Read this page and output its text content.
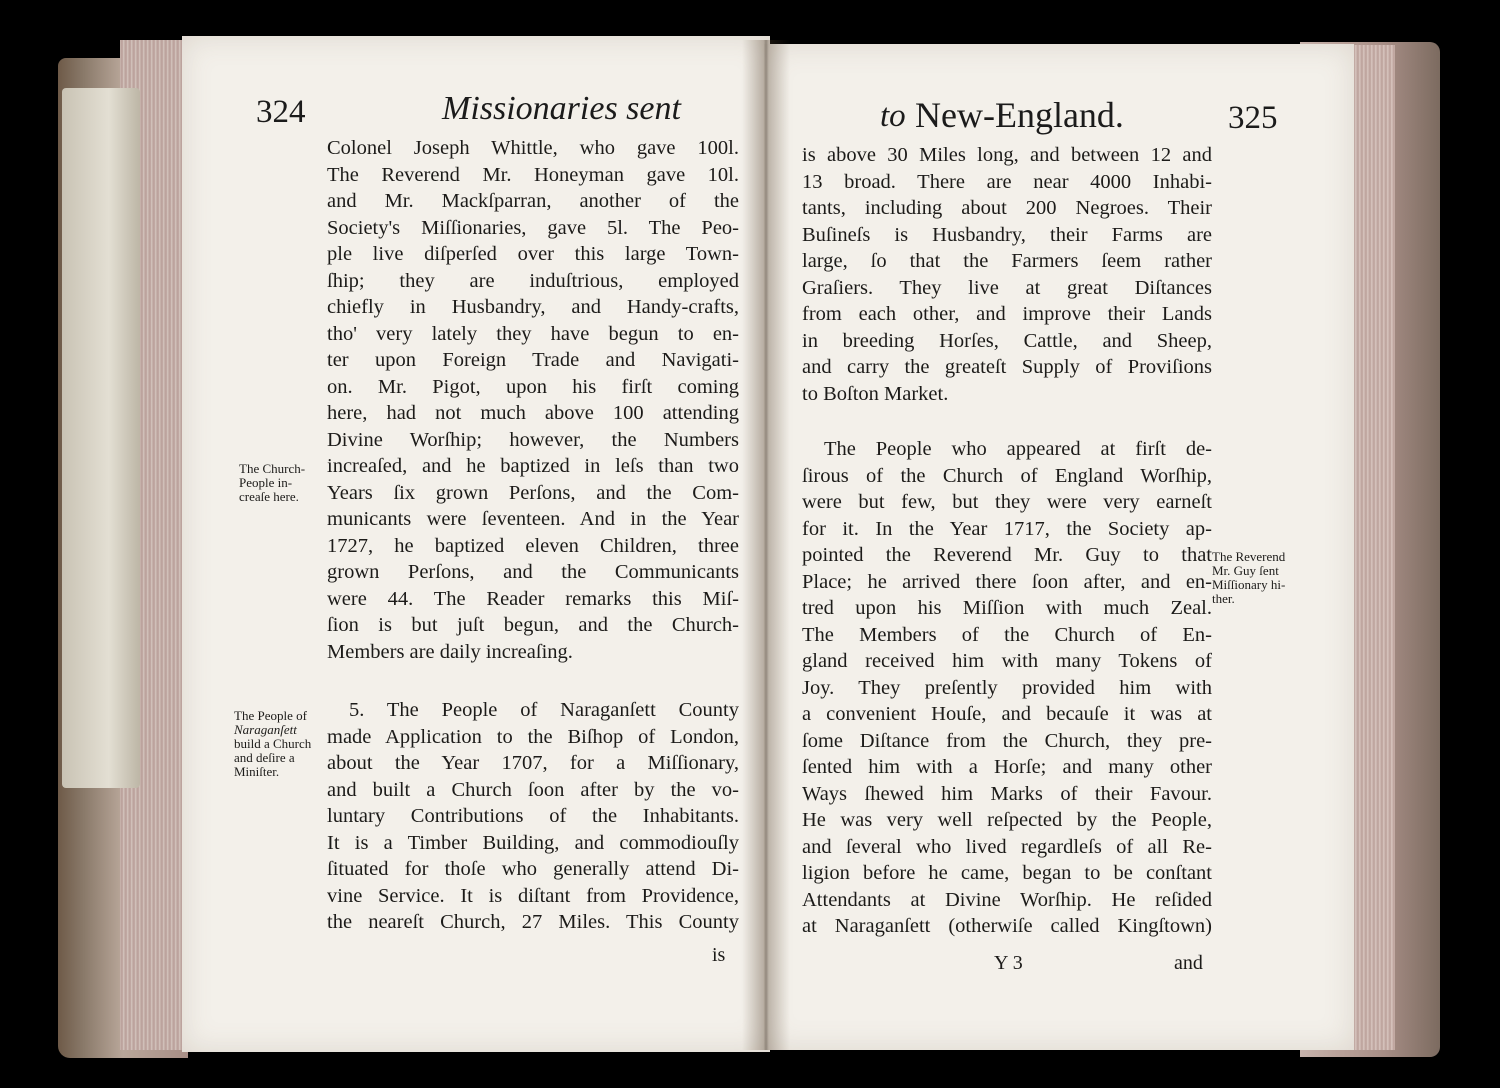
324	Missionaries sent	to New-England.	325
Colonel Joseph Whittle, who gave 100l.
The Reverend Mr. Honeyman gave 10l.
and Mr. Mackſparran, another of the
Society's Miſſionaries, gave 5l. The Peo-
ple live diſperſed over this large Town-
ſhip; they are induſtrious, employed
chiefly in Husbandry, and Handy-crafts,
tho' very lately they have begun to en-
ter upon Foreign Trade and Navigati-
on. Mr. Pigot, upon his firſt coming
here, had not much above 100 attending
Divine Worſhip; however, the Numbers
increaſed, and he baptized in leſs than two
Years ſix grown Perſons, and the Com-
municants were ſeventeen. And in the Year
1727, he baptized eleven Children, three
grown Perſons, and the Communicants
were 44. The Reader remarks this Miſ-
ſion is but juſt begun, and the Church-
Members are daily increaſing.
5. The People of Naraganſett County
made Application to the Biſhop of London,
about the Year 1707, for a Miſſionary,
and built a Church ſoon after by the vo-
luntary Contributions of the Inhabitants.
It is a Timber Building, and commodiouſly
ſituated for thoſe who generally attend Di-
vine Service. It is diſtant from Providence,
the neareſt Church, 27 Miles. This County
is
The Church-
People in-
creaſe here.
The People of
Naraganſett
build a Church
and deſire a
Miniſter.
is above 30 Miles long, and between 12 and
13 broad. There are near 4000 Inhabi-
tants, including about 200 Negroes. Their
Buſineſs is Husbandry, their Farms are
large, ſo that the Farmers ſeem rather
Graſiers. They live at great Diſtances
from each other, and improve their Lands
in breeding Horſes, Cattle, and Sheep,
and carry the greateſt Supply of Proviſions
to Boſton Market.
The People who appeared at firſt de-
ſirous of the Church of England Worſhip,
were but few, but they were very earneſt
for it. In the Year 1717, the Society ap-
pointed the Reverend Mr. Guy to that
Place; he arrived there ſoon after, and en-
tred upon his Miſſion with much Zeal.
The Members of the Church of En-
gland received him with many Tokens of
Joy. They preſently provided him with
a convenient Houſe, and becauſe it was at
ſome Diſtance from the Church, they pre-
ſented him with a Horſe; and many other
Ways ſhewed him Marks of their Favour.
He was very well reſpected by the People,
and ſeveral who lived regardleſs of all Re-
ligion before he came, began to be conſtant
Attendants at Divine Worſhip. He reſided
at Naraganſett (otherwiſe called Kingſtown)
Y 3	and
The Reverend
Mr. Guy ſent
Miſſionary hi-
ther.
